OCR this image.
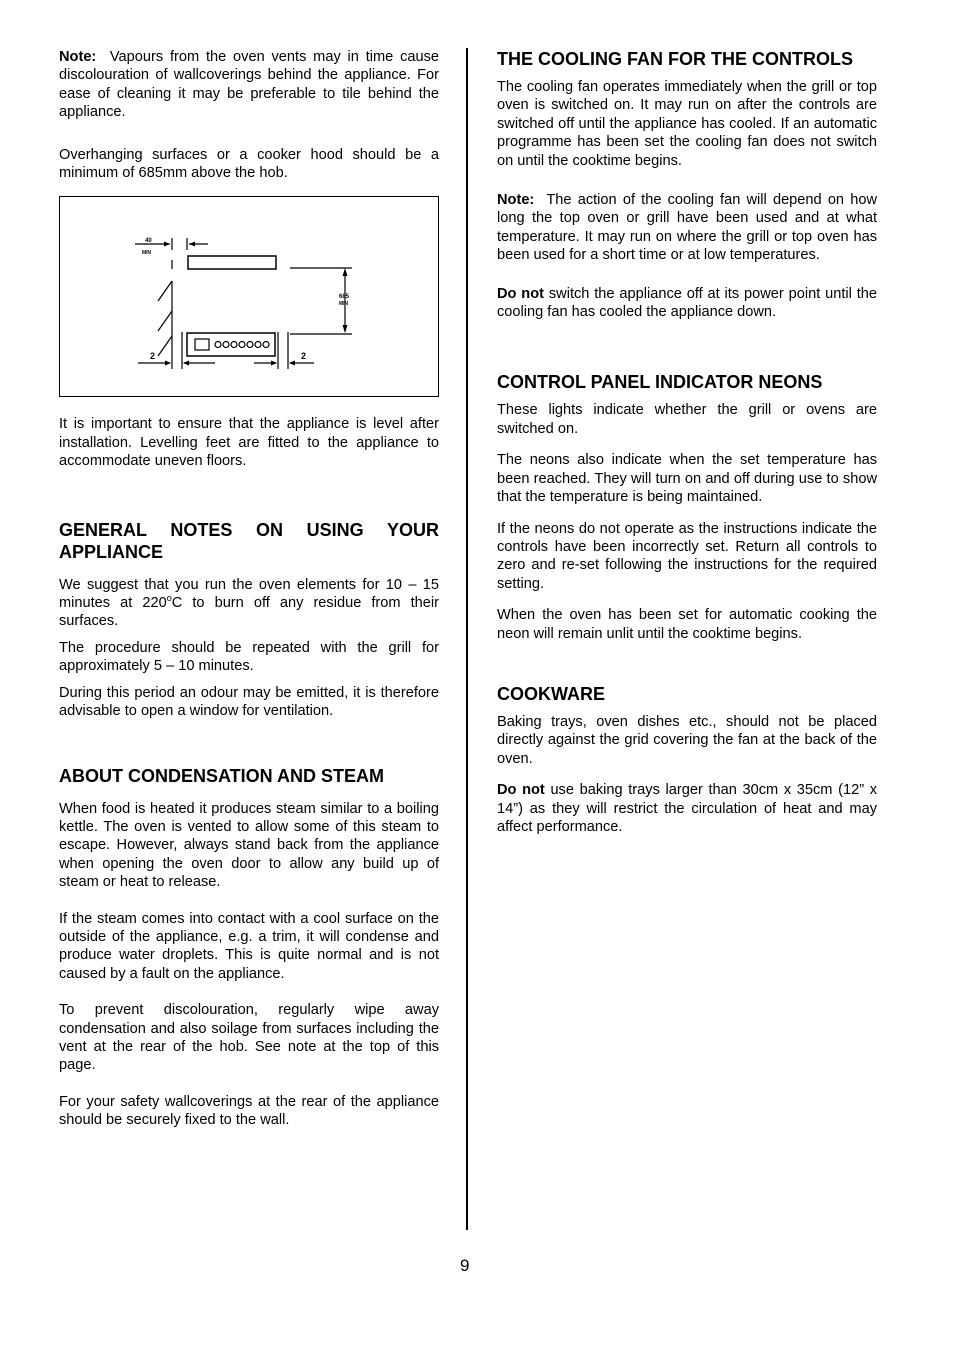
Note: Vapours from the oven vents may in time cause discolouration of wallcoverings behind the appliance. For ease of cleaning it may be preferable to tile behind the appliance.

Overhanging surfaces or a cooker hood should be a minimum of 685mm above the hob.

40
MIN
685
MIN
2	2

It is important to ensure that the appliance is level after installation. Levelling feet are fitted to the appliance to accommodate uneven floors.

GENERAL NOTES ON USING YOUR APPLIANCE

We suggest that you run the oven elements for 10 – 15 minutes at 220$^o$C to burn off any residue from their surfaces.

The procedure should be repeated with the grill for approximately 5 – 10 minutes.

During this period an odour may be emitted, it is therefore advisable to open a window for ventilation.

ABOUT CONDENSATION AND STEAM

When food is heated it produces steam similar to a boiling kettle. The oven is vented to allow some of this steam to escape. However, always stand back from the appliance when opening the oven door to allow any build up of steam or heat to release.

If the steam comes into contact with a cool surface on the outside of the appliance, e.g. a trim, it will condense and produce water droplets. This is quite normal and is not caused by a fault on the appliance.

To prevent discolouration, regularly wipe away condensation and also soilage from surfaces including the vent at the rear of the hob. See note at the top of this page.

For your safety wallcoverings at the rear of the appliance should be securely fixed to the wall.

THE COOLING FAN FOR THE CONTROLS

The cooling fan operates immediately when the grill or top oven is switched on. It may run on after the controls are switched off until the appliance has cooled. If an automatic programme has been set the cooling fan does not switch on until the cooktime begins.

Note: The action of the cooling fan will depend on how long the top oven or grill have been used and at what temperature. It may run on where the grill or top oven has been used for a short time or at low temperatures.

Do not switch the appliance off at its power point until the cooling fan has cooled the appliance down.

CONTROL PANEL INDICATOR NEONS

These lights indicate whether the grill or ovens are switched on.

The neons also indicate when the set temperature has been reached. They will turn on and off during use to show that the temperature is being maintained.

If the neons do not operate as the instructions indicate the controls have been incorrectly set. Return all controls to zero and re-set following the instructions for the required setting.

When the oven has been set for automatic cooking the neon will remain unlit until the cooktime begins.

COOKWARE

Baking trays, oven dishes etc., should not be placed directly against the grid covering the fan at the back of the oven.

Do not use baking trays larger than 30cm x 35cm (12” x 14”) as they will restrict the circulation of heat and may affect performance.

9
